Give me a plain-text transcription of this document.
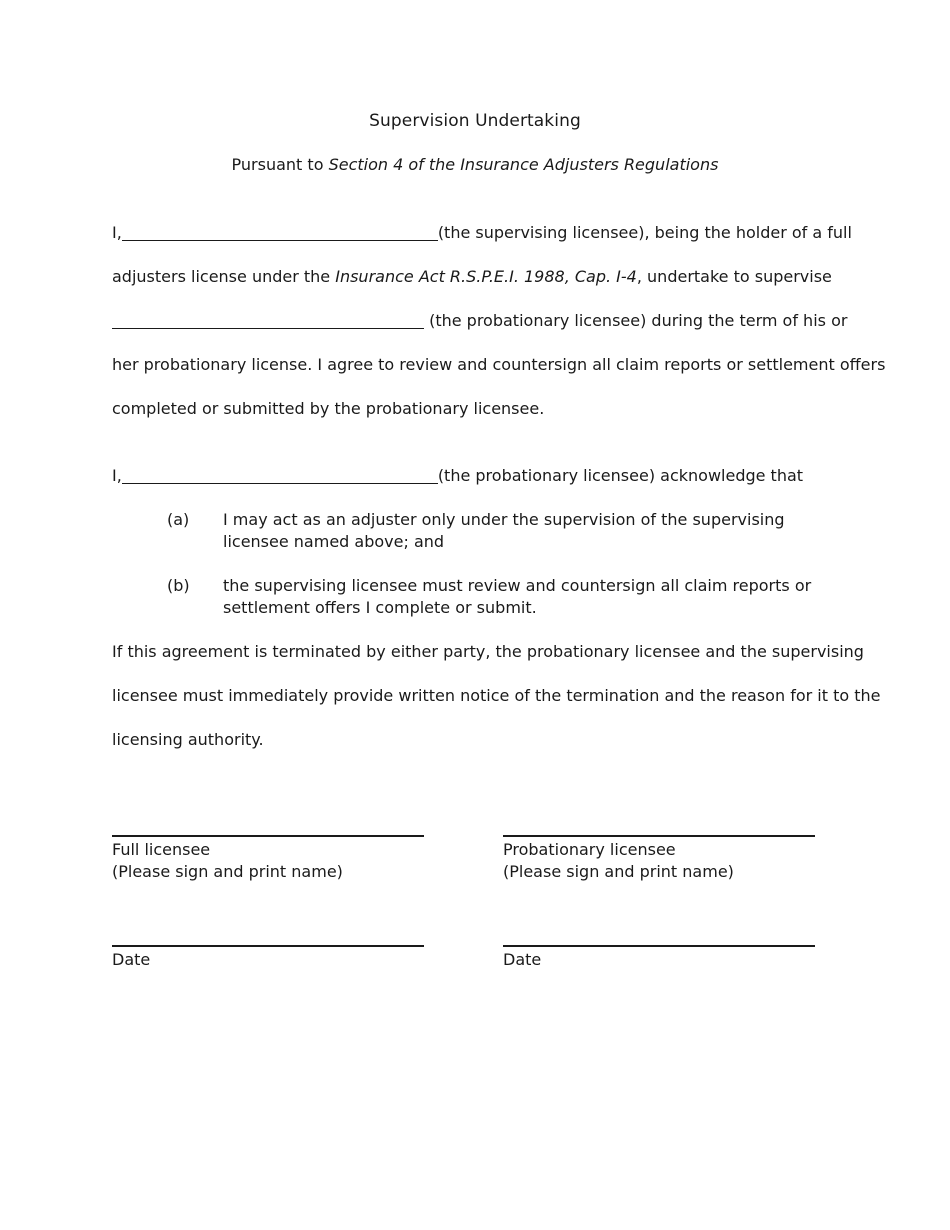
Supervision Undertaking
Pursuant to Section 4 of the Insurance Adjusters Regulations
I,	(the supervising licensee), being the holder of a full
adjusters license under the Insurance Act R.S.P.E.I. 1988, Cap. I-4, undertake to supervise
(the probationary licensee) during the term of his or
her probationary license. I agree to review and countersign all claim reports or settlement offers
completed or submitted by the probationary licensee.
I,	(the probationary licensee) acknowledge that
(a)	I may act as an adjuster only under the supervision of the supervising licensee named above; and
(b)	the supervising licensee must review and countersign all claim reports or settlement offers I complete or submit.
If this agreement is terminated by either party, the probationary licensee and the supervising
licensee must immediately provide written notice of the termination and the reason for it to the
licensing authority.
Full licensee
(Please sign and print name)
Probationary licensee
(Please sign and print name)
Date	Date
